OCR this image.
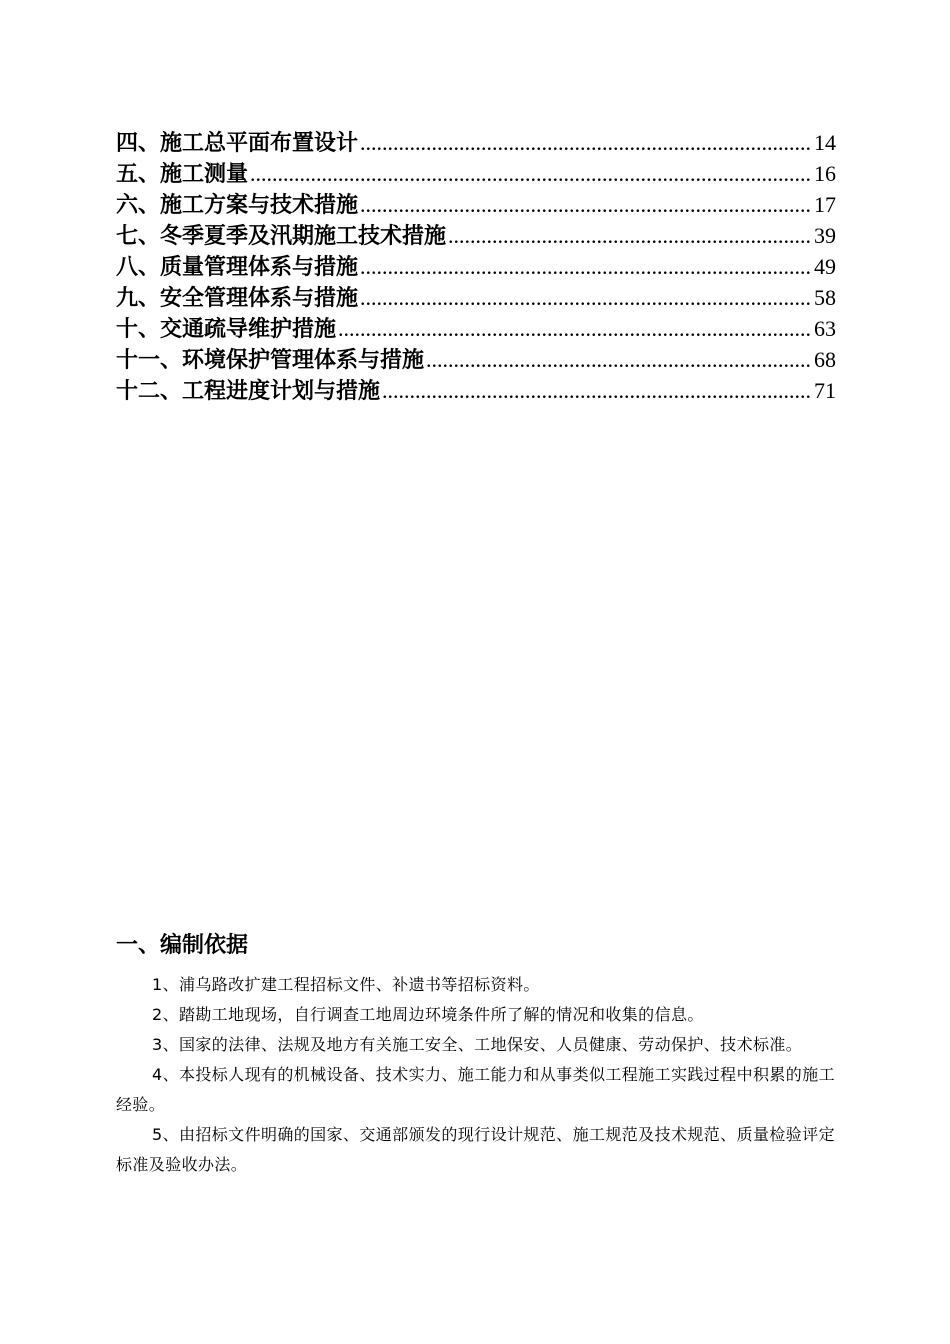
四、施工总平面布置设计 .....	14
五、施工测量 .....	16
六、施工方案与技术措施 .....	17
七、冬季夏季及汛期施工技术措施 .....	39
八、质量管理体系与措施 .....	49
九、安全管理体系与措施 .....	58
十、交通疏导维护措施 .....	63
十一、环境保护管理体系与措施 .....	68
十二、工程进度计划与措施 .....	71
一、编制依据

1、浦乌路改扩建工程招标文件、补遗书等招标资料。

2、踏勘工地现场，自行调查工地周边环境条件所了解的情况和收集的信息。

3、国家的法律、法规及地方有关施工安全、工地保安、人员健康、劳动保护、技术标准。

4、本投标人现有的机械设备、技术实力、施工能力和从事类似工程施工实践过程中积累的施工经验。

5、由招标文件明确的国家、交通部颁发的现行设计规范、施工规范及技术规范、质量检验评定标准及验收办法。
